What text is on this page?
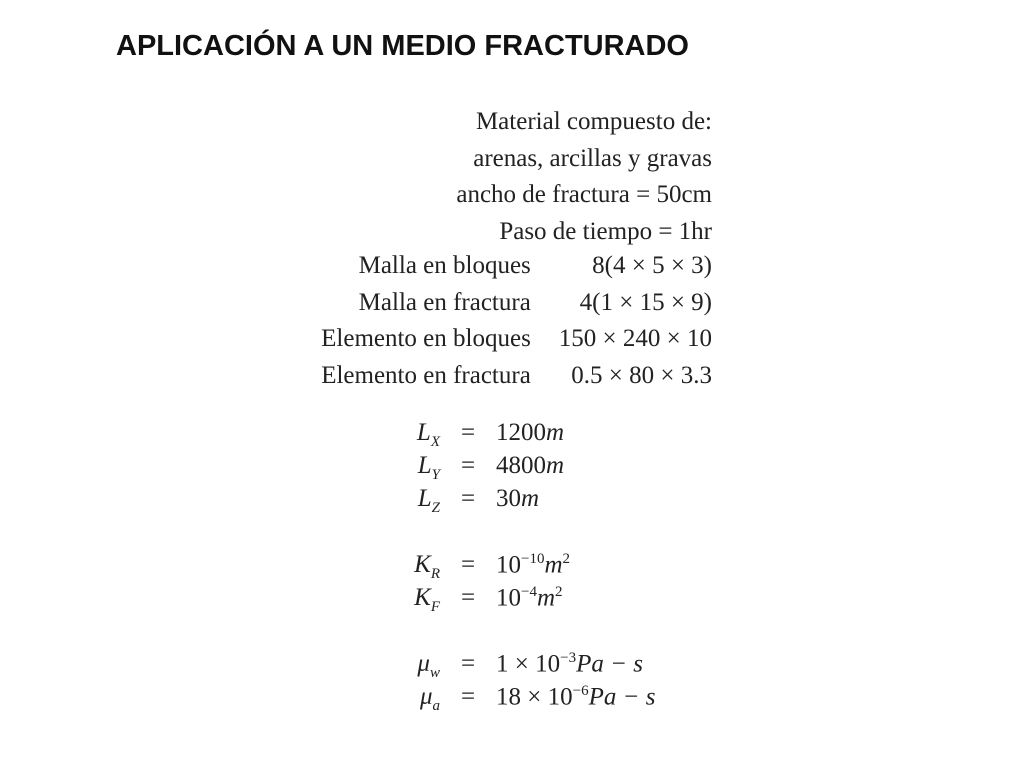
APLICACIÓN A UN MEDIO FRACTURADO
Material compuesto de:
arenas, arcillas y gravas
ancho de fractura = 50cm
Paso de tiempo = 1hr
Malla en bloques	8(4 × 5 × 3)
Malla en fractura	4(1 × 15 × 9)
Elemento en bloques	150 × 240 × 10
Elemento en fractura	0.5 × 80 × 3.3
$L_X = 1200m$
$L_Y = 4800m$
$L_Z = 30m$
$K_R = 10^{-10}m^2$
$K_F = 10^{-4}m^2$
$\mu_w = 1 \times 10^{-3}Pa - s$
$\mu_a = 18 \times 10^{-6}Pa - s$
